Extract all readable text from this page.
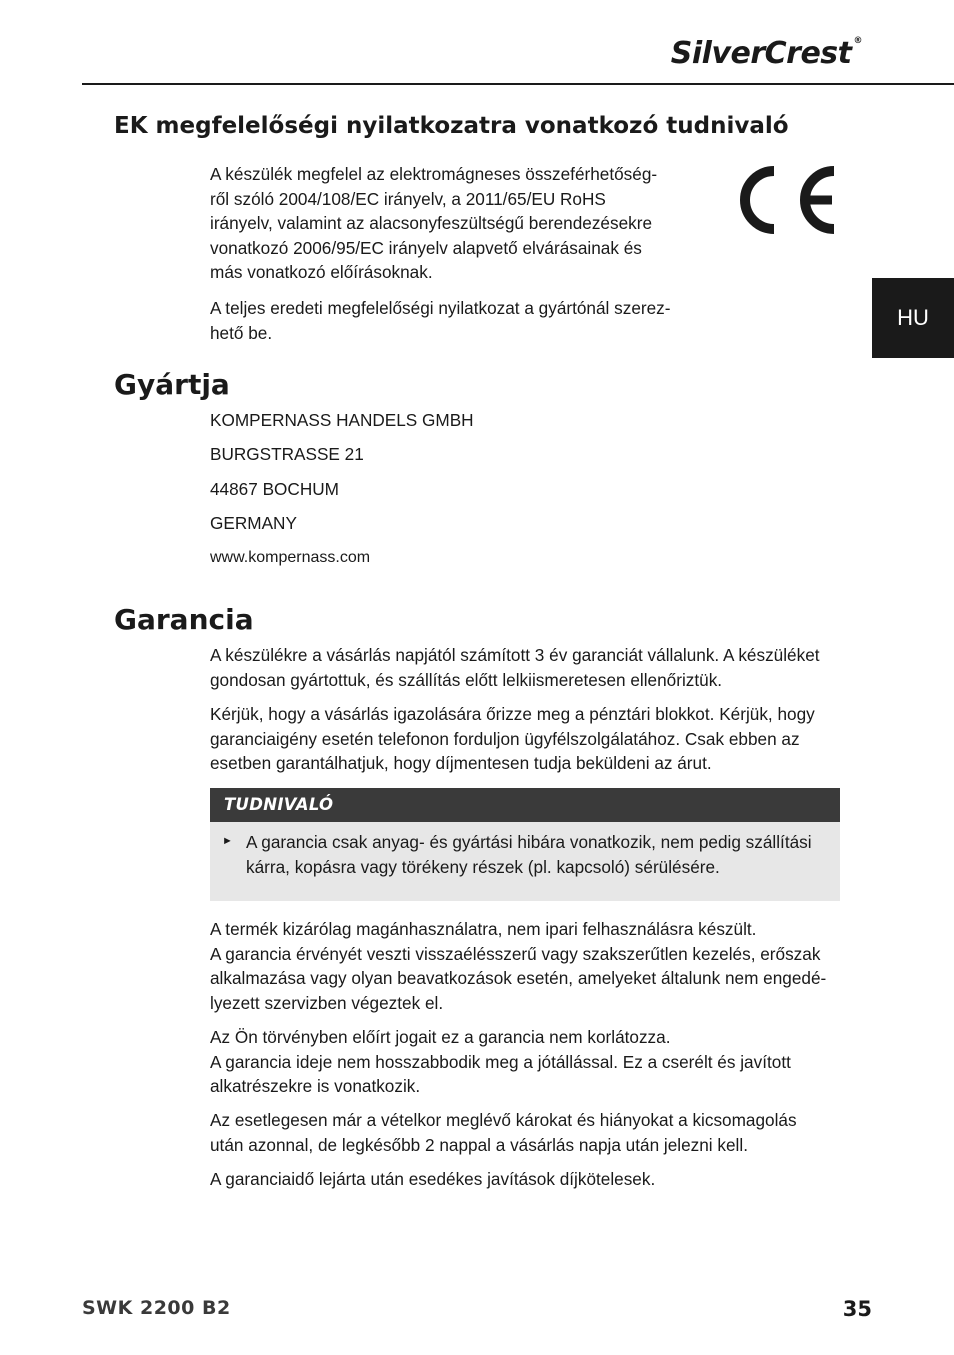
SilverCrest ®
HU
EK megfelelőségi nyilatkozatra vonatkozó tudnivaló

A készülék megfelel az elektromágneses összeférhetőség-
ről szóló 2004/108/EC irányelv, a 2011/65/EU RoHS
irányelv, valamint az alacsonyfeszültségű berendezésekre
vonatkozó 2006/95/EC irányelv alapvető elvárásainak és
más vonatkozó előírásoknak.

A teljes eredeti megfelelőségi nyilatkozat a gyártónál szerez-
hető be.

Gyártja

KOMPERNASS HANDELS GMBH

BURGSTRASSE 21

44867 BOCHUM

GERMANY

www.kompernass.com

Garancia

A készülékre a vásárlás napjától számított 3 év garanciát vállalunk. A készüléket
gondosan gyártottuk, és szállítás előtt lelkiismeretesen ellenőriztük.

Kérjük, hogy a vásárlás igazolására őrizze meg a pénztári blokkot. Kérjük, hogy
garanciaigény esetén telefonon forduljon ügyfélszolgálatához. Csak ebben az
esetben garantálhatjuk, hogy díjmentesen tudja beküldeni az árut.

TUDNIVALÓ
► A garancia csak anyag- és gyártási hibára vonatkozik, nem pedig szállítási
kárra, kopásra vagy törékeny részek (pl. kapcsoló) sérülésére.

A termék kizárólag magánhasználatra, nem ipari felhasználásra készült.
A garancia érvényét veszti visszaélésszerű vagy szakszerűtlen kezelés, erőszak
alkalmazása vagy olyan beavatkozások esetén, amelyeket általunk nem engedé-
lyezett szervizben végeztek el.

Az Ön törvényben előírt jogait ez a garancia nem korlátozza.
A garancia ideje nem hosszabbodik meg a jótállással. Ez a cserélt és javított
alkatrészekre is vonatkozik.

Az esetlegesen már a vételkor meglévő károkat és hiányokat a kicsomagolás
után azonnal, de legkésőbb 2 nappal a vásárlás napja után jelezni kell.

A garanciaidő lejárta után esedékes javítások díjkötelesek.

SWK 2200 B2	35
